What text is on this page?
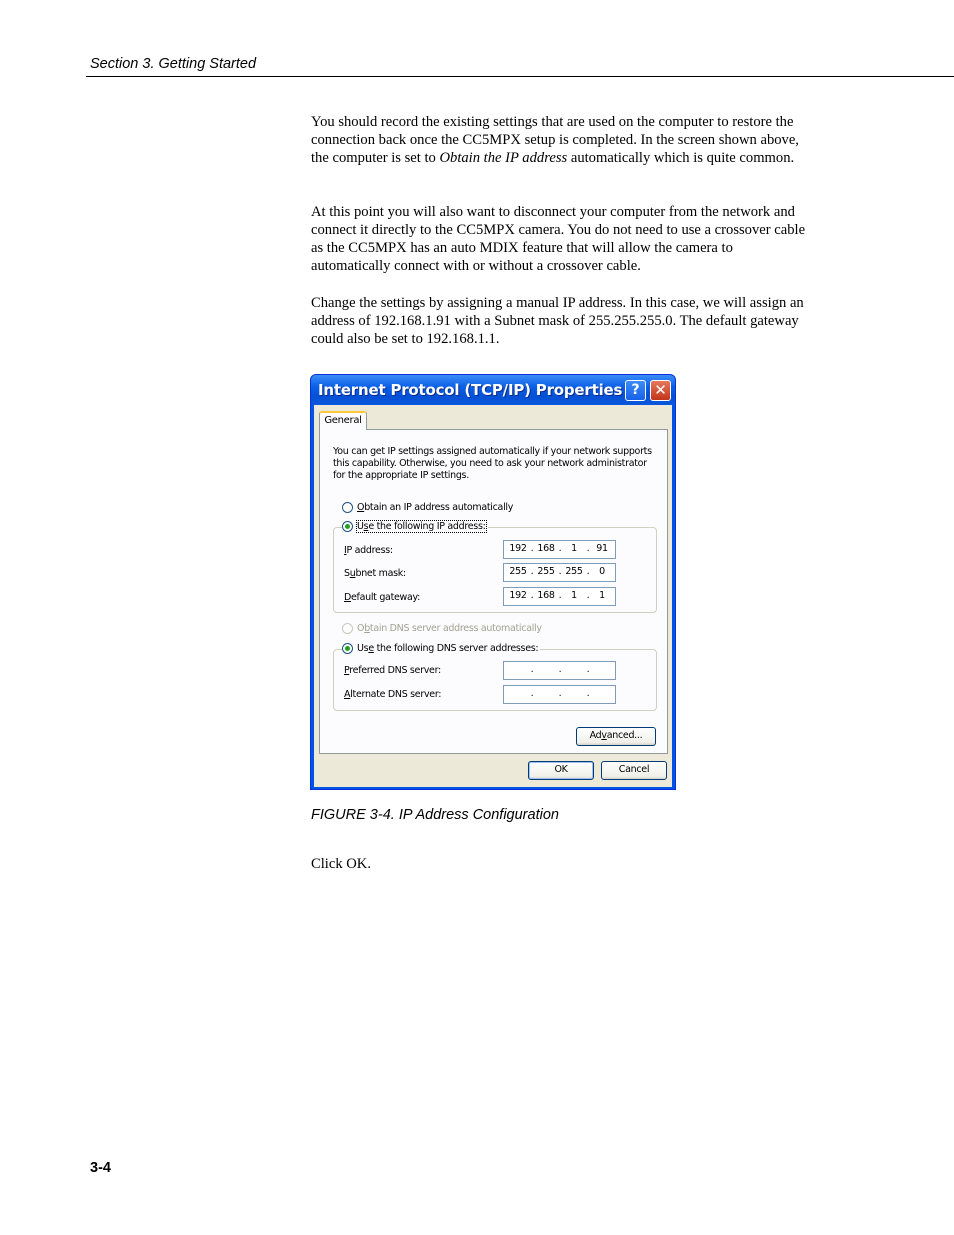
Section 3. Getting Started

You should record the existing settings that are used on the computer to restore the connection back once the CC5MPX setup is completed. In the screen shown above, the computer is set to Obtain the IP address automatically which is quite common.

At this point you will also want to disconnect your computer from the network and connect it directly to the CC5MPX camera. You do not need to use a crossover cable as the CC5MPX has an auto MDIX feature that will allow the camera to automatically connect with or without a crossover cable.

Change the settings by assigning a manual IP address. In this case, we will assign an address of 192.168.1.91 with a Subnet mask of 255.255.255.0. The default gateway could also be set to 192.168.1.1.

Internet Protocol (TCP/IP) Properties ? ✕
General
You can get IP settings assigned automatically if your network supports this capability. Otherwise, you need to ask your network administrator for the appropriate IP settings.
Obtain an IP address automatically
IP address:	192 . 168 .	1	. 91
Subnet mask:	255 . 255 . 255 .	0
Default gateway:	192 . 168 .	1	.	1
Use the following IP address:
Obtain DNS server address automatically
Preferred DNS server:	.	.	.
Alternate DNS server:	.	.	.
Use the following DNS server addresses:
Advanced...
OK	Cancel
FIGURE 3-4. IP Address Configuration

Click OK.

3-4
